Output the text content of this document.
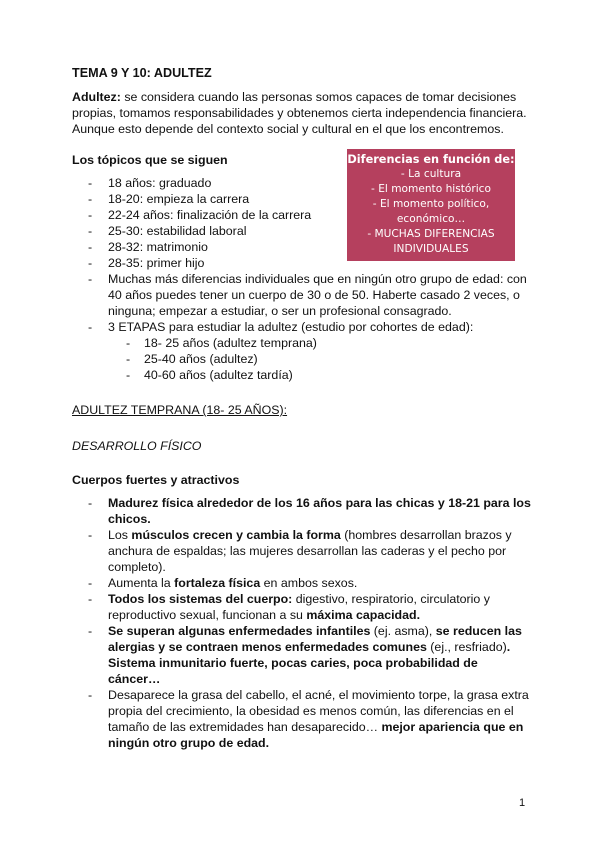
TEMA 9 Y 10: ADULTEZ

Adultez: se considera cuando las personas somos capaces de tomar decisiones propias, tomamos responsabilidades y obtenemos cierta independencia financiera. Aunque esto depende del contexto social y cultural en el que los encontremos.

Los tópicos que se siguen
- 18 años: graduado
- 18-20: empieza la carrera
- 22-24 años: finalización de la carrera
- 25-30: estabilidad laboral
- 28-32: matrimonio
- 28-35: primer hijo
- Muchas más diferencias individuales que en ningún otro grupo de edad: con 40 años puedes tener un cuerpo de 30 o de 50. Haberte casado 2 veces, o ninguna; empezar a estudiar, o ser un profesional consagrado.
- 3 ETAPAS para estudiar la adultez (estudio por cohortes de edad):
- 18- 25 años (adultez temprana)
- 25-40 años (adultez)
- 40-60 años (adultez tardía)
ADULTEZ TEMPRANA (18- 25 AÑOS):
DESARROLLO FÍSICO
Cuerpos fuertes y atractivos
- Madurez física alrededor de los 16 años para las chicas y 18-21 para los chicos.
- Los músculos crecen y cambia la forma (hombres desarrollan brazos y anchura de espaldas; las mujeres desarrollan las caderas y el pecho por completo).
- Aumenta la fortaleza física en ambos sexos.
- Todos los sistemas del cuerpo: digestivo, respiratorio, circulatorio y reproductivo sexual, funcionan a su máxima capacidad.
- Se superan algunas enfermedades infantiles (ej. asma), se reducen las alergias y se contraen menos enfermedades comunes (ej., resfriado). Sistema inmunitario fuerte, pocas caries, poca probabilidad de cáncer…
- Desaparece la grasa del cabello, el acné, el movimiento torpe, la grasa extra propia del crecimiento, la obesidad es menos común, las diferencias en el tamaño de las extremidades han desaparecido… mejor apariencia que en ningún otro grupo de edad.
Diferencias en función de:
- La cultura
- El momento histórico
- El momento político,
económico…
- MUCHAS DIFERENCIAS
INDIVIDUALES
1
